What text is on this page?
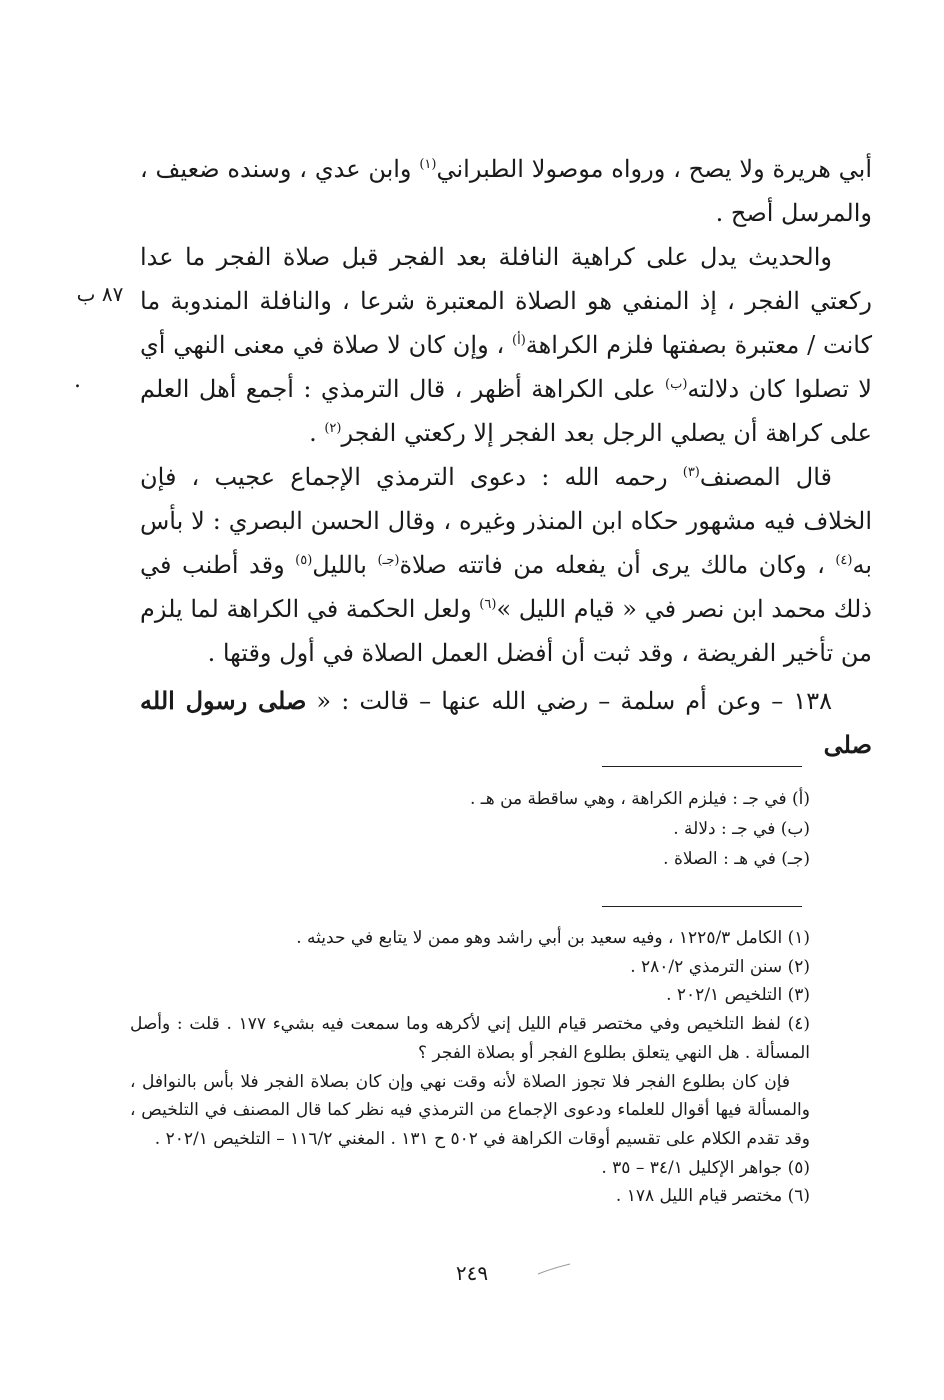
أبي هريرة ولا يصح ، ورواه موصولا الطبراني$^{(١)}$ وابن عدي ، وسنده ضعيف ، والمرسل أصح .

والحديث يدل على كراهية النافلة بعد الفجر قبل صلاة الفجر ما عدا ركعتي الفجر ، إذ المنفي هو الصلاة المعتبرة شرعا ، والنافلة المندوبة ما كانت / معتبرة بصفتها فلزم الكراهة$^{(أ)}$ ، وإن كان لا صلاة في معنى النهي أي لا تصلوا كان دلالته$^{(ب)}$ على الكراهة أظهر ، قال الترمذي : أجمع أهل العلم على كراهة أن يصلي الرجل بعد الفجر إلا ركعتي الفجر$^{(٢)}$ .

قال المصنف$^{(٣)}$ رحمه الله : دعوى الترمذي الإجماع عجيب ، فإن الخلاف فيه مشهور حكاه ابن المنذر وغيره ، وقال الحسن البصري : لا بأس به$^{(٤)}$ ، وكان مالك يرى أن يفعله من فاتته صلاة$^{(جـ)}$ بالليل$^{(٥)}$ وقد أطنب في ذلك محمد ابن نصر في « قيام الليل »$^{(٦)}$ ولعل الحكمة في الكراهة لما يلزم من تأخير الفريضة ، وقد ثبت أن أفضل العمل الصلاة في أول وقتها .

١٣٨ – وعن أم سلمة – رضي الله عنها – قالت : « صلى رسول الله صلى

٨٧ ب
.
(أ) في جـ : فيلزم الكراهة ، وهي ساقطة من هـ .
(ب) في جـ : دلالة .
(جـ) في هـ : الصلاة .
(١) الكامل ١٢٢٥/٣ ، وفيه سعيد بن أبي راشد وهو ممن لا يتابع في حديثه .
(٢) سنن الترمذي ٢٨٠/٢ .
(٣) التلخيص ٢٠٢/١ .
(٤) لفظ التلخيص وفي مختصر قيام الليل إني لأكرهه وما سمعت فيه بشيء ١٧٧ . قلت : وأصل المسألة . هل النهي يتعلق بطلوع الفجر أو بصلاة الفجر ؟
فإن كان بطلوع الفجر فلا تجوز الصلاة لأنه وقت نهي وإن كان بصلاة الفجر فلا بأس بالنوافل ، والمسألة فيها أقوال للعلماء ودعوى الإجماع من الترمذي فيه نظر كما قال المصنف في التلخيص ، وقد تقدم الكلام على تقسيم أوقات الكراهة في ٥٠٢ ح ١٣١ . المغني ١١٦/٢ – التلخيص ٢٠٢/١ .
(٥) جواهر الإكليل ٣٤/١ – ٣٥ .
(٦) مختصر قيام الليل ١٧٨ .
٢٤٩
